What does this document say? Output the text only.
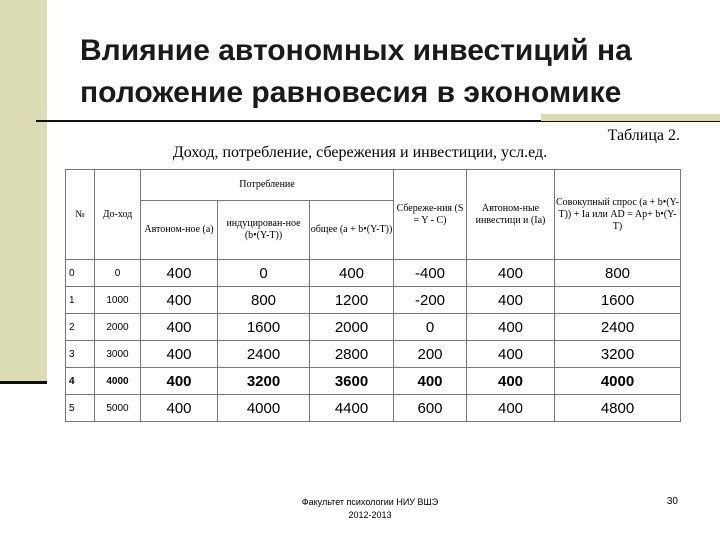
Влияние автономных инвестиций на положение равновесия в экономике
Таблица 2.
Доход, потребление, сбережения и инвестиции, усл.ед.
№	До-ход	Потребление			Сбереже-ния (S = Y - C)	Автоном-ные инвестици и (Ia)	Совокупный спрос (a + b•(Y-T)) + Ia или AD = Ap+ b•(Y-T)
		Автоном-ное (а)	индуцирован-ное (b•(Y-T))	общее (a + b•(Y-T))			
0	0	400	0	400	-400	400	800
1	1000	400	800	1200	-200	400	1600
2	2000	400	1600	2000	0	400	2400
3	3000	400	2400	2800	200	400	3200
4	4000	400	3200	3600	400	400	4000
5	5000	400	4000	4400	600	400	4800
Факультет психологии НИУ ВШЭ
2012-2013
30
